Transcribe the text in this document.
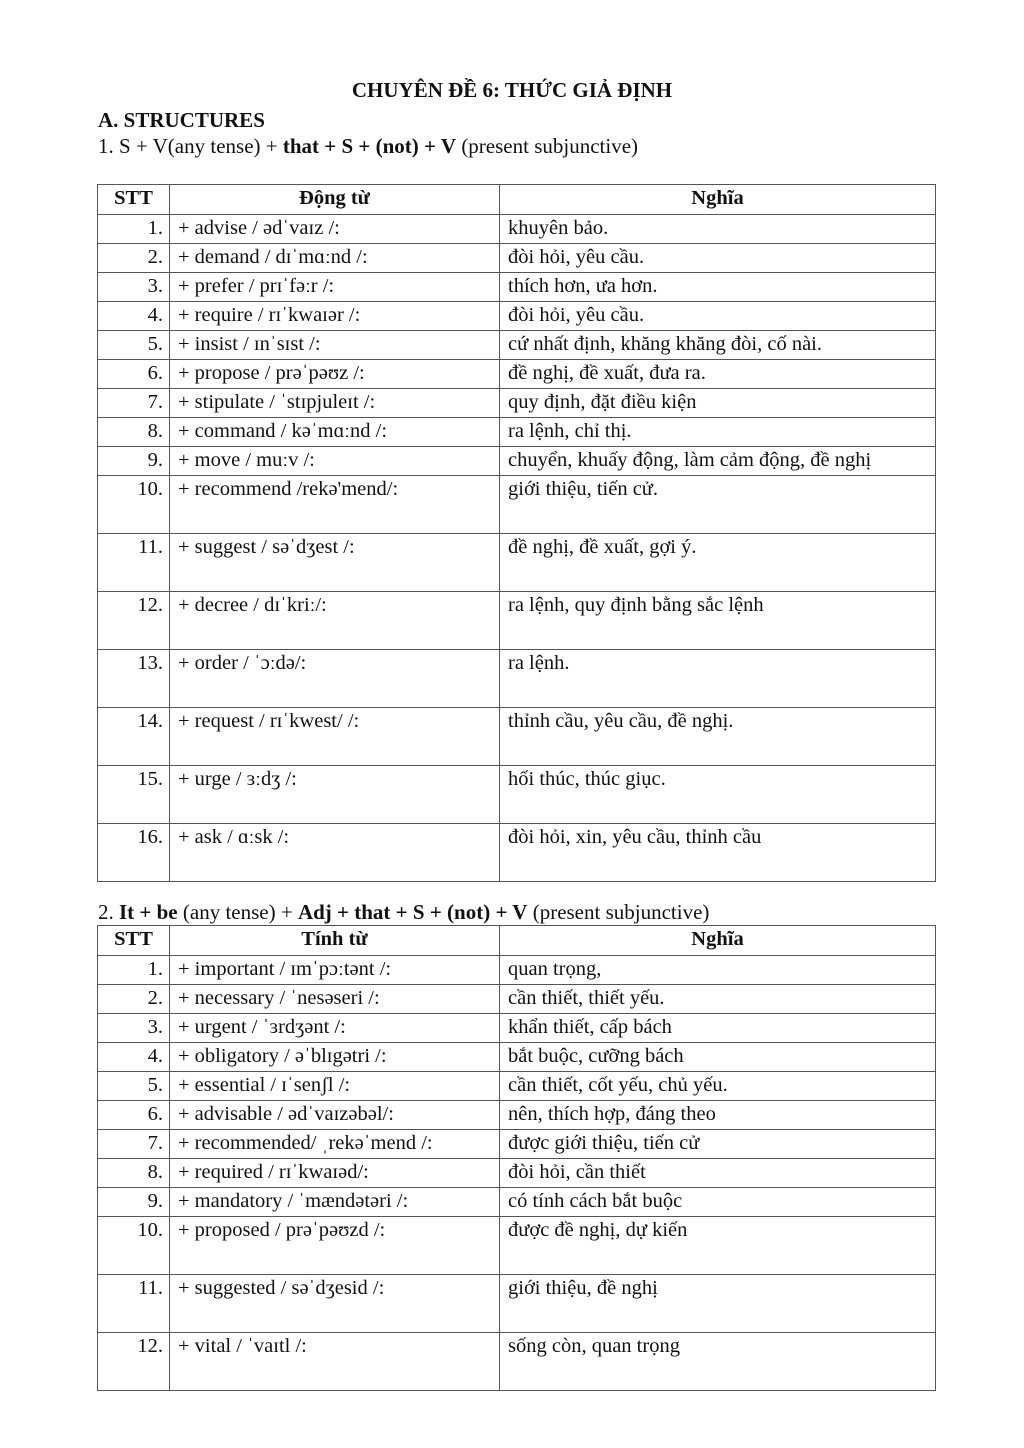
CHUYÊN ĐỀ 6: THỨC GIẢ ĐỊNH
A. STRUCTURES
1. S + V(any tense) + that + S + (not) + V (present subjunctive)
STT	Động từ	Nghĩa
1.	+ advise / ədˈvaɪz /:	khuyên bảo.
2.	+ demand / dɪˈmɑːnd /:	đòi hỏi, yêu cầu.
3.	+ prefer / prɪˈfəːr /:	thích hơn, ưa hơn.
4.	+ require / rɪˈkwaɪər /:	đòi hỏi, yêu cầu.
5.	+ insist / ɪnˈsɪst /:	cứ nhất định, khăng khăng đòi, cố nài.
6.	+ propose / prəˈpəʊz /:	đề nghị, đề xuất, đưa ra.
7.	+ stipulate / ˈstɪpjuleɪt /:	quy định, đặt điều kiện
8.	+ command / kəˈmɑːnd /:	ra lệnh, chỉ thị.
9.	+ move / muːv /:	chuyển, khuấy động, làm cảm động, đề nghị
10.	+ recommend /rekə'mend/:	giới thiệu, tiến cử.
11.	+ suggest / səˈdʒest /:	đề nghị, đề xuất, gợi ý.
12.	+ decree / dɪˈkriː/:	ra lệnh, quy định bằng sắc lệnh
13.	+ order / ˈɔːdə/:	ra lệnh.
14.	+ request / rɪˈkwest/ /:	thỉnh cầu, yêu cầu, đề nghị.
15.	+ urge / ɜːdʒ /:	hối thúc, thúc giục.
16.	+ ask / ɑːsk /:	đòi hỏi, xin, yêu cầu, thỉnh cầu
2. It + be (any tense) + Adj + that + S + (not) + V (present subjunctive)
STT	Tính từ	Nghĩa
1.	+ important / ɪmˈpɔːtənt /:	quan trọng,
2.	+ necessary / ˈnesəseri /:	cần thiết, thiết yếu.
3.	+ urgent / ˈɜrdʒənt /:	khẩn thiết, cấp bách
4.	+ obligatory / əˈblɪgətri /:	bắt buộc, cưỡng bách
5.	+ essential / ɪˈsenʃl /:	cần thiết, cốt yếu, chủ yếu.
6.	+ advisable / ədˈvaɪzəbəl/:	nên, thích hợp, đáng theo
7.	+ recommended/ ˌrekəˈmend /:	được giới thiệu, tiến cử
8.	+ required / rɪˈkwaɪəd/:	đòi hỏi, cần thiết
9.	+ mandatory / ˈmændətəri /:	có tính cách bắt buộc
10.	+ proposed / prəˈpəʊzd /:	được đề nghị, dự kiến
11.	+ suggested / səˈdʒesid /:	giới thiệu, đề nghị
12.	+ vital / ˈvaɪtl /:	sống còn, quan trọng
